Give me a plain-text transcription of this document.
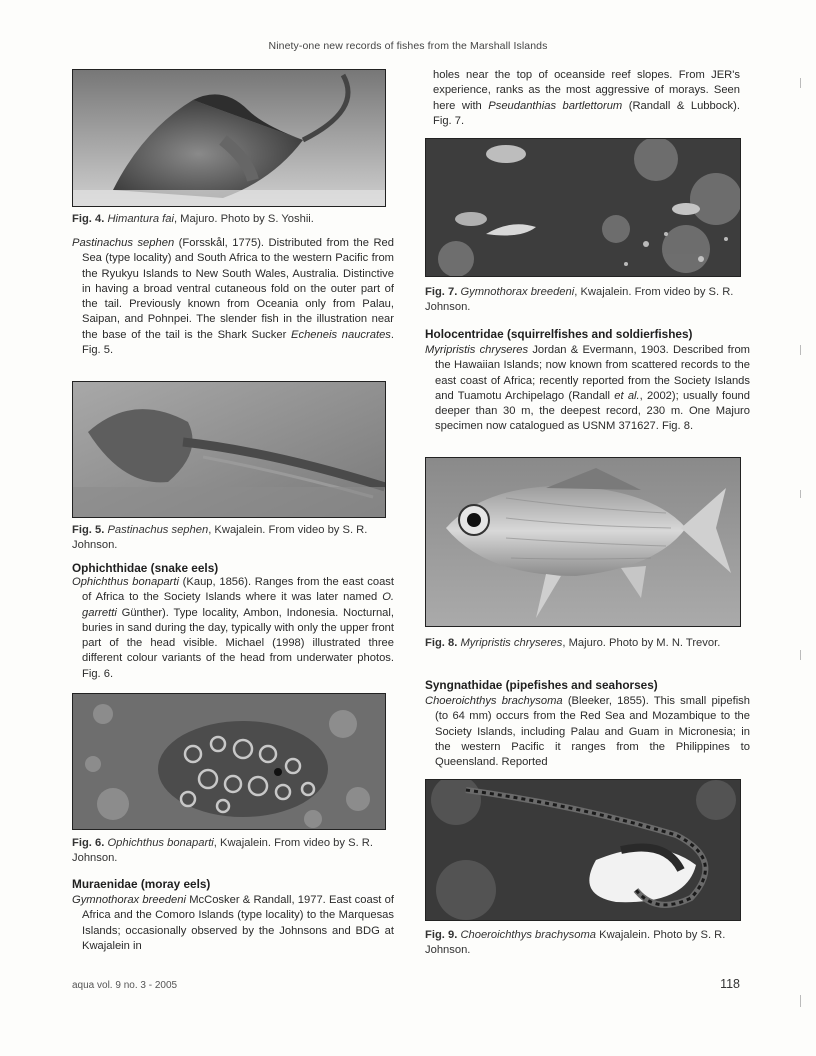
Ninety-one new records of fishes from the Marshall Islands
Fig. 4. Himantura fai, Majuro. Photo by S. Yoshii.
Pastinachus sephen (Forsskål, 1775). Distributed from the Red Sea (type locality) and South Africa to the western Pacific from the Ryukyu Islands to New South Wales, Australia. Distinctive in having a broad ventral cutaneous fold on the outer part of the tail. Previously known from Oceania only from Palau, Saipan, and Pohnpei. The slender fish in the illustration near the base of the tail is the Shark Sucker Echeneis naucrates. Fig. 5.
Fig. 5. Pastinachus sephen, Kwajalein. From video by S. R. Johnson.
Ophichthidae (snake eels)
Ophichthus bonaparti (Kaup, 1856). Ranges from the east coast of Africa to the Society Islands where it was later named O. garretti Günther). Type locality, Ambon, Indonesia. Nocturnal, buries in sand during the day, typically with only the upper front part of the head visible. Michael (1998) illustrated three different colour variants of the head from underwater photos. Fig. 6.
Fig. 6. Ophichthus bonaparti, Kwajalein. From video by S. R. Johnson.
Muraenidae (moray eels)
Gymnothorax breedeni McCosker & Randall, 1977. East coast of Africa and the Comoro Islands (type locality) to the Marquesas Islands; occasionally observed by the Johnsons and BDG at Kwajalein in
holes near the top of oceanside reef slopes. From JER's experience, ranks as the most aggressive of morays. Seen here with Pseudanthias bartlettorum (Randall & Lubbock). Fig. 7.
Fig. 7. Gymnothorax breedeni, Kwajalein. From video by S. R. Johnson.
Holocentridae (squirrelfishes and soldierfishes)
Myripristis chryseres Jordan & Evermann, 1903. Described from the Hawaiian Islands; now known from scattered records to the east coast of Africa; recently reported from the Society Islands and Tuamotu Archipelago (Randall et al., 2002); usually found deeper than 30 m, the deepest record, 230 m. One Majuro specimen now catalogued as USNM 371627. Fig. 8.
Fig. 8. Myripristis chryseres, Majuro. Photo by M. N. Trevor.
Syngnathidae (pipefishes and seahorses)
Choeroichthys brachysoma (Bleeker, 1855). This small pipefish (to 64 mm) occurs from the Red Sea and Mozambique to the Society Islands, including Palau and Guam in Micronesia; in the western Pacific it ranges from the Philippines to Queensland. Reported
Fig. 9. Choeroichthys brachysoma Kwajalein. Photo by S. R. Johnson.
aqua vol. 9 no. 3 - 2005	118
